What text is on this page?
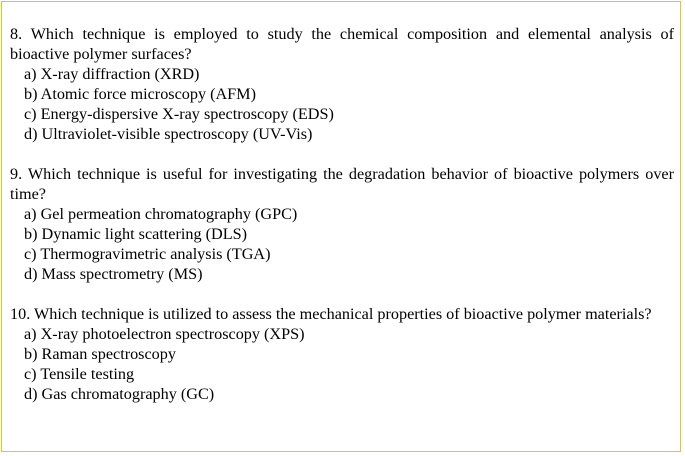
8. Which technique is employed to study the chemical composition and elemental analysis of bioactive polymer surfaces?

a) X-ray diffraction (XRD)
b) Atomic force microscopy (AFM)
c) Energy-dispersive X-ray spectroscopy (EDS)
d) Ultraviolet-visible spectroscopy (UV-Vis)

9. Which technique is useful for investigating the degradation behavior of bioactive polymers over time?

a) Gel permeation chromatography (GPC)
b) Dynamic light scattering (DLS)
c) Thermogravimetric analysis (TGA)
d) Mass spectrometry (MS)

10. Which technique is utilized to assess the mechanical properties of bioactive polymer materials?

a) X-ray photoelectron spectroscopy (XPS)
b) Raman spectroscopy
c) Tensile testing
d) Gas chromatography (GC)
